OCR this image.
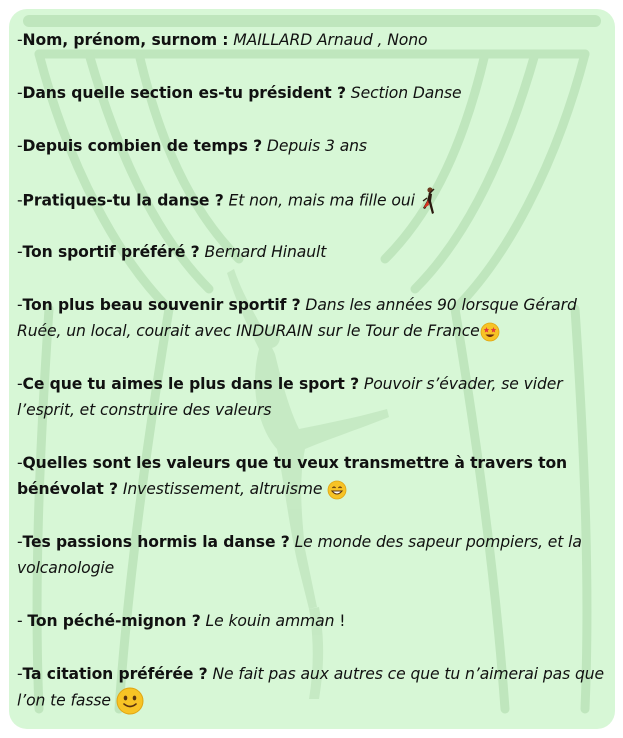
-Nom, prénom, surnom : MAILLARD Arnaud , Nono
-Dans quelle section es-tu président ? Section Danse
-Depuis combien de temps ? Depuis 3 ans
-Pratiques-tu la danse ? Et non, mais ma fille oui
-Ton sportif préféré ? Bernard Hinault
-Ton plus beau souvenir sportif ? Dans les années 90 lorsque Gérard Ruée, un local, courait avec INDURAIN sur le Tour de France
-Ce que tu aimes le plus dans le sport ? Pouvoir s’évader, se vider l’esprit, et construire des valeurs
-Quelles sont les valeurs que tu veux transmettre à travers ton bénévolat ? Investissement, altruisme
-Tes passions hormis la danse ? Le monde des sapeur pompiers, et la volcanologie
- Ton péché-mignon ? Le kouin amman !
-Ta citation préférée ? Ne fait pas aux autres ce que tu n’aimerai pas que l’on te fasse
